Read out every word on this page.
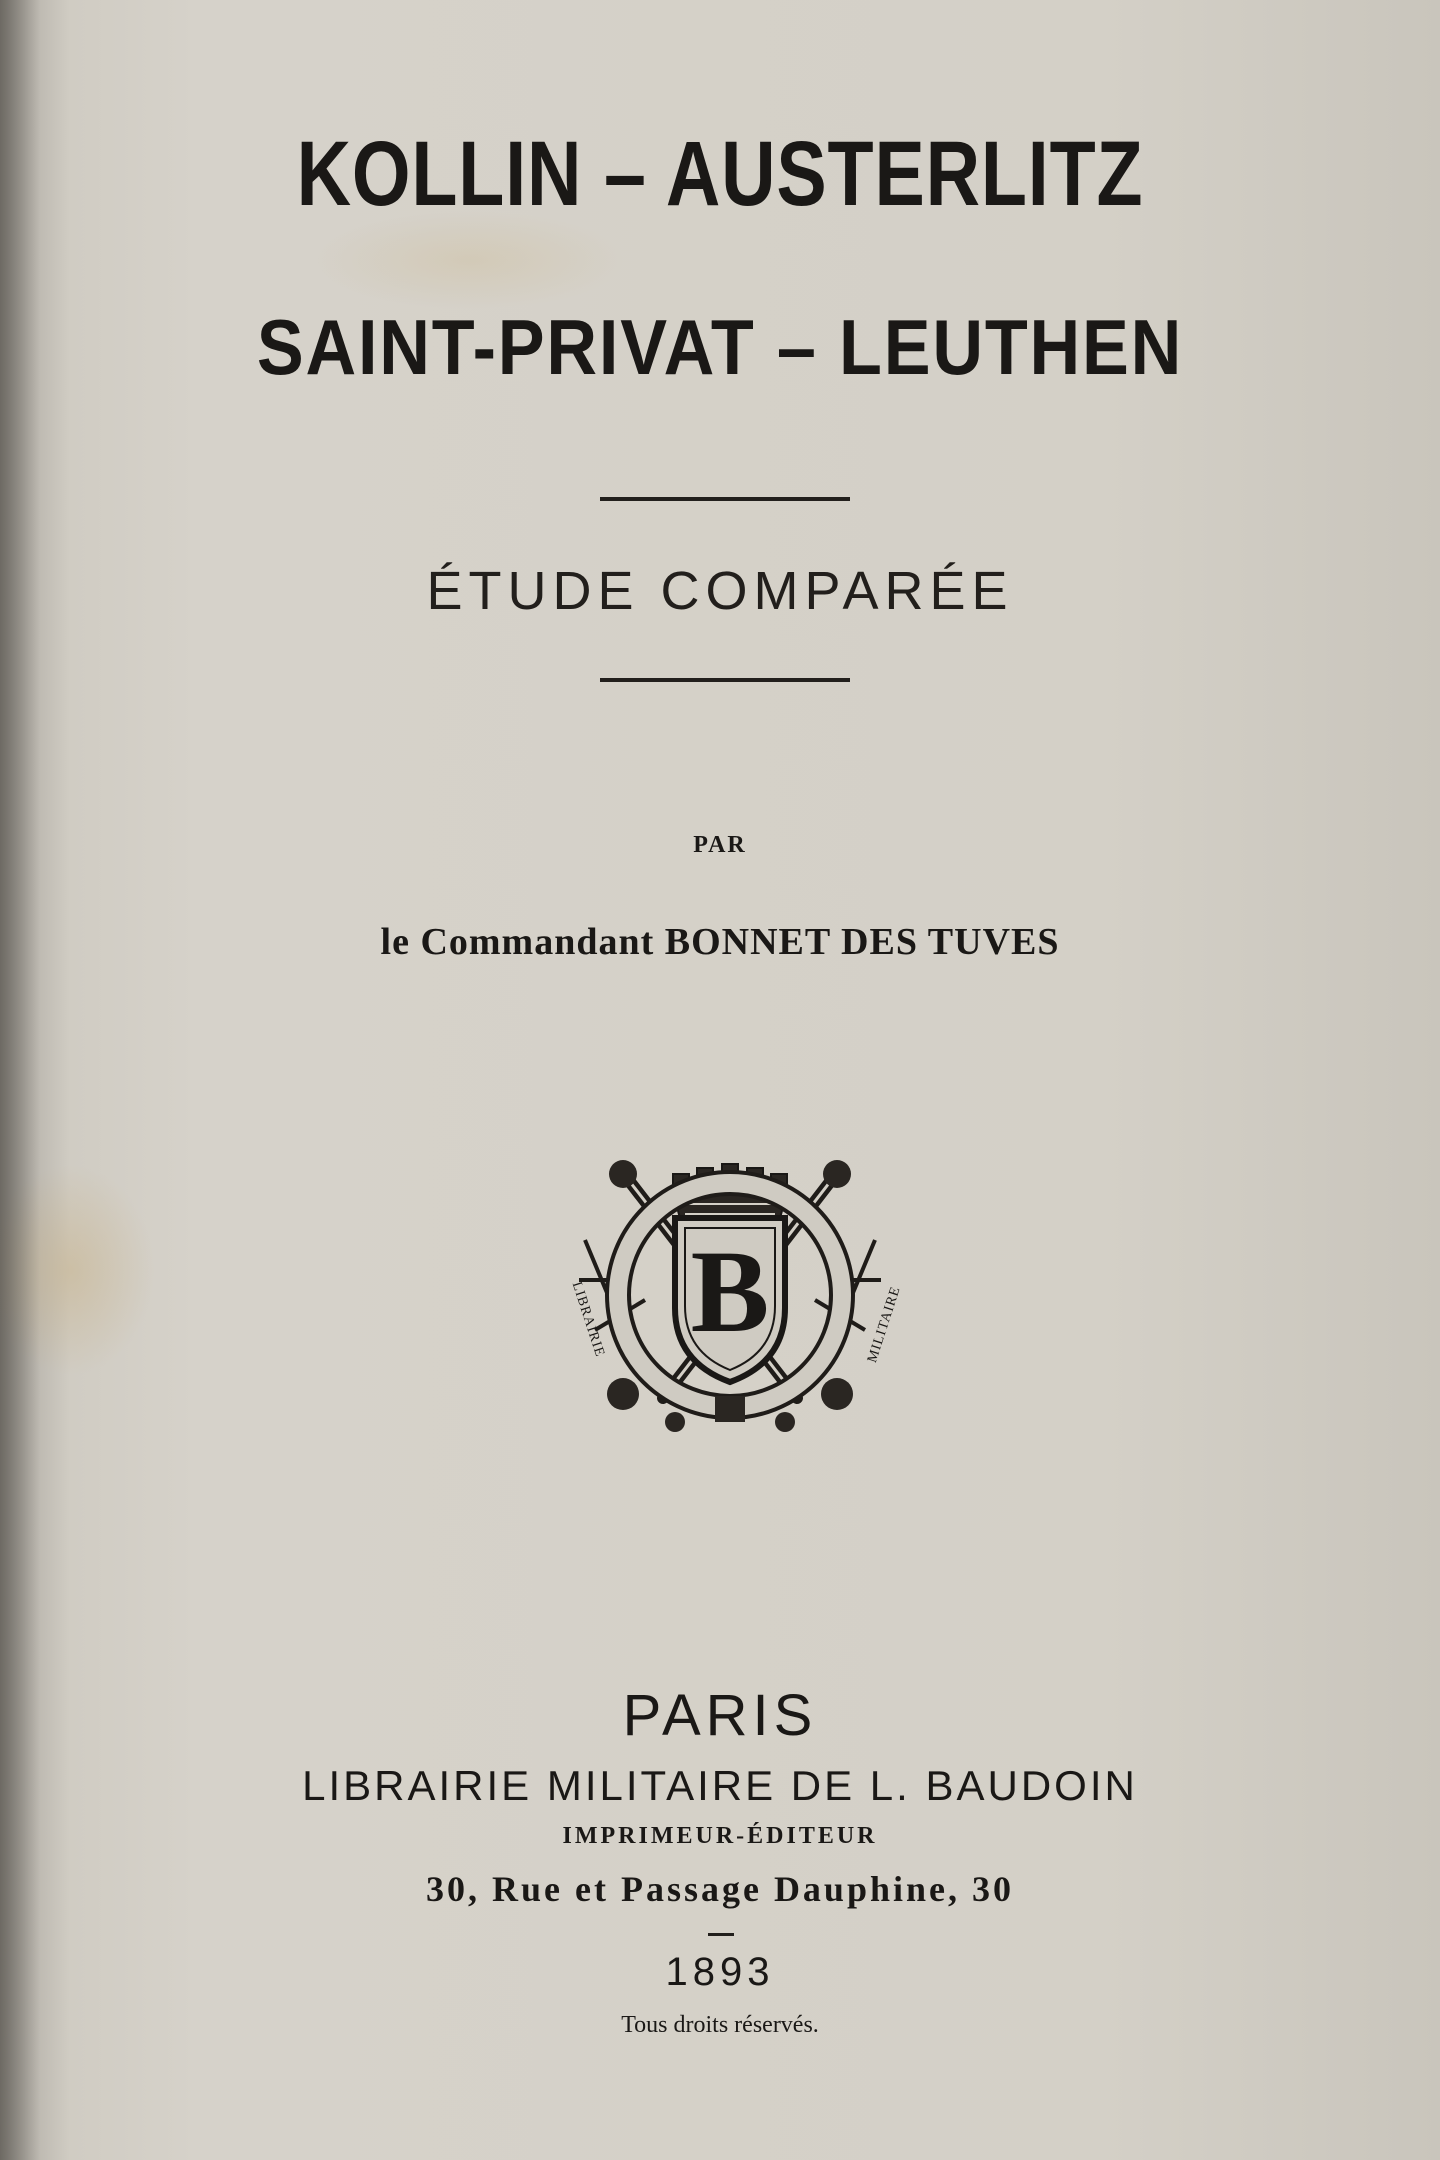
KOLLIN – AUSTERLITZ
SAINT-PRIVAT – LEUTHEN
ÉTUDE COMPARÉE
PAR
le Commandant BONNET DES TUVES
B
LIBRAIRIE	MILITAIRE
PARIS
LIBRAIRIE MILITAIRE DE L. BAUDOIN
IMPRIMEUR-ÉDITEUR
30, Rue et Passage Dauphine, 30
1893
Tous droits réservés.
